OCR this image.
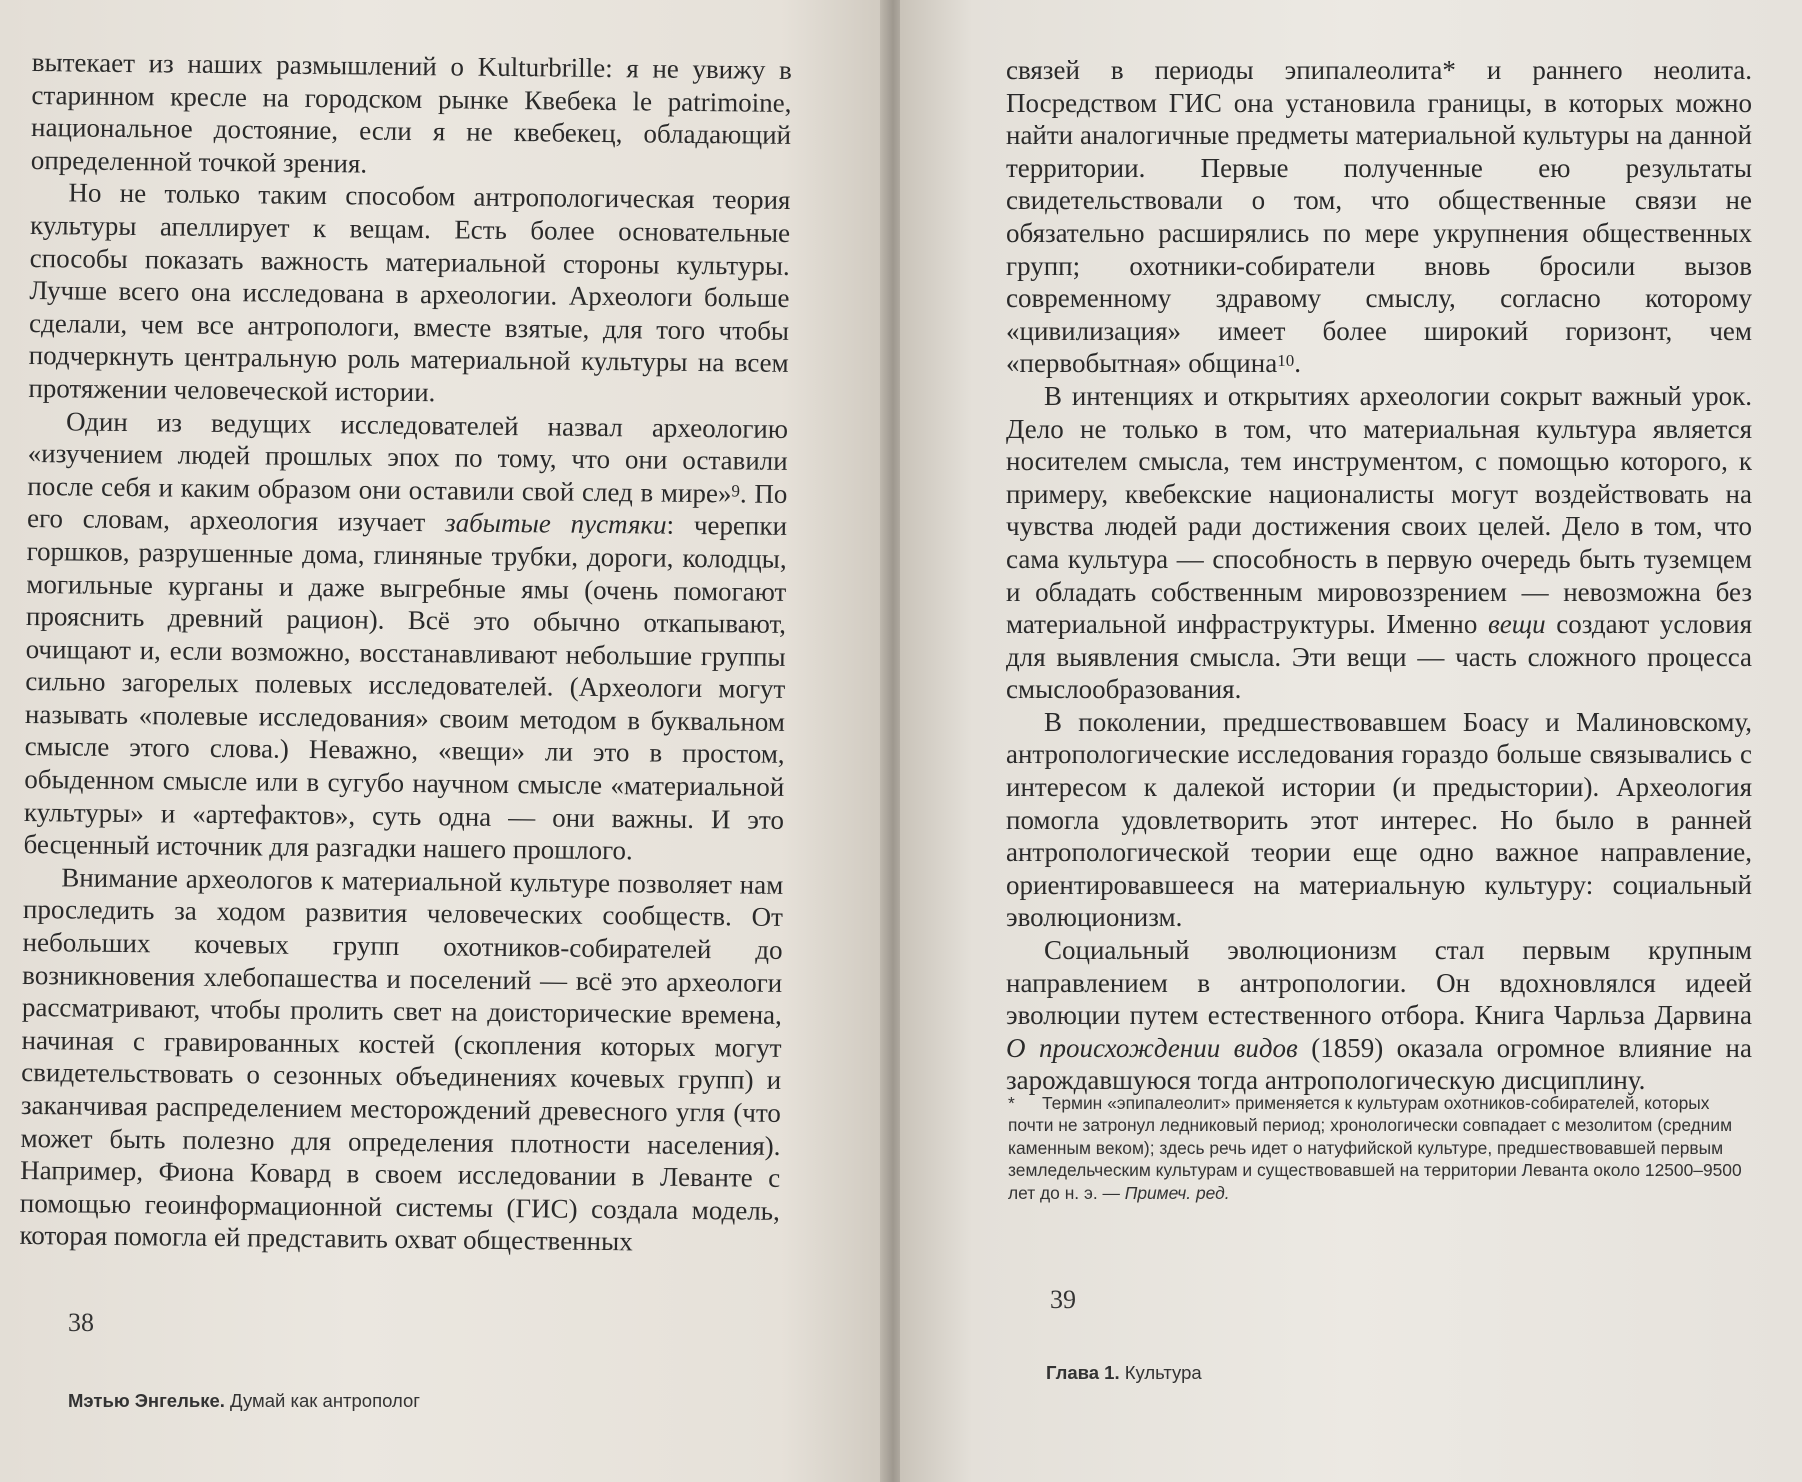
вытекает из наших размышлений о Kulturbrille: я не увижу в старинном кресле на городском рынке Квебека le patrimoine, национальное достояние, если я не квебекец, обладающий определенной точкой зрения.

Но не только таким способом антропологическая теория культуры апеллирует к вещам. Есть более основательные способы показать важность материальной стороны культуры. Лучше всего она исследована в археологии. Археологи больше сделали, чем все антропологи, вместе взятые, для того чтобы подчеркнуть центральную роль материальной культуры на всем протяжении человеческой истории.

Один из ведущих исследователей назвал археологию «изучением людей прошлых эпох по тому, что они оставили после себя и каким образом они оставили свой след в мире»$^9$. По его словам, археология изучает забытые пустяки: черепки горшков, разрушенные дома, глиняные трубки, дороги, колодцы, могильные курганы и даже выгребные ямы (очень помогают прояснить древний рацион). Всё это обычно откапывают, очищают и, если возможно, восстанавливают небольшие группы сильно загорелых полевых исследователей. (Археологи могут называть «полевые исследования» своим методом в буквальном смысле этого слова.) Неважно, «вещи» ли это в простом, обыденном смысле или в сугубо научном смысле «материальной культуры» и «артефактов», суть одна — они важны. И это бесценный источник для разгадки нашего прошлого.

Внимание археологов к материальной культуре позволяет нам проследить за ходом развития человеческих сообществ. От небольших кочевых групп охотников-собирателей до возникновения хлебопашества и поселений — всё это археологи рассматривают, чтобы пролить свет на доисторические времена, начиная с гравированных костей (скопления которых могут свидетельствовать о сезонных объединениях кочевых групп) и заканчивая распределением месторождений древесного угля (что может быть полезно для определения плотности населения). Например, Фиона Ковард в своем исследовании в Леванте с помощью геоинформационной системы (ГИС) создала модель, которая помогла ей представить охват общественных

38
Мэтью Энгельке. Думай как антрополог

связей в периоды эпипалеолита* и раннего неолита. Посредством ГИС она установила границы, в которых можно найти аналогичные предметы материальной культуры на данной территории. Первые полученные ею результаты свидетельствовали о том, что общественные связи не обязательно расширялись по мере укрупнения общественных групп; охотники-собиратели вновь бросили вызов современному здравому смыслу, согласно которому «цивилизация» имеет более широкий горизонт, чем «первобытная» община$^{10}$.

В интенциях и открытиях археологии сокрыт важный урок. Дело не только в том, что материальная культура является носителем смысла, тем инструментом, с помощью которого, к примеру, квебекские националисты могут воздействовать на чувства людей ради достижения своих целей. Дело в том, что сама культура — способность в первую очередь быть туземцем и обладать собственным мировоззрением — невозможна без материальной инфраструктуры. Именно вещи создают условия для выявления смысла. Эти вещи — часть сложного процесса смыслообразования.

В поколении, предшествовавшем Боасу и Малиновскому, антропологические исследования гораздо больше связывались с интересом к далекой истории (и предыстории). Археология помогла удовлетворить этот интерес. Но было в ранней антропологической теории еще одно важное направление, ориентировавшееся на материальную культуру: социальный эволюционизм.

Социальный эволюционизм стал первым крупным направлением в антропологии. Он вдохновлялся идеей эволюции путем естественного отбора. Книга Чарльза Дарвина О происхождении видов (1859) оказала огромное влияние на зарождавшуюся тогда антропологическую дисциплину.

* Термин «эпипалеолит» применяется к культурам охотников-собирателей, которых почти не затронул ледниковый период; хронологически совпадает с мезолитом (средним каменным веком); здесь речь идет о натуфийской культуре, предшествовавшей первым земледельческим культурам и существовавшей на территории Леванта около 12500–9500 лет до н. э. — Примеч. ред.
39
Глава 1. Культура
